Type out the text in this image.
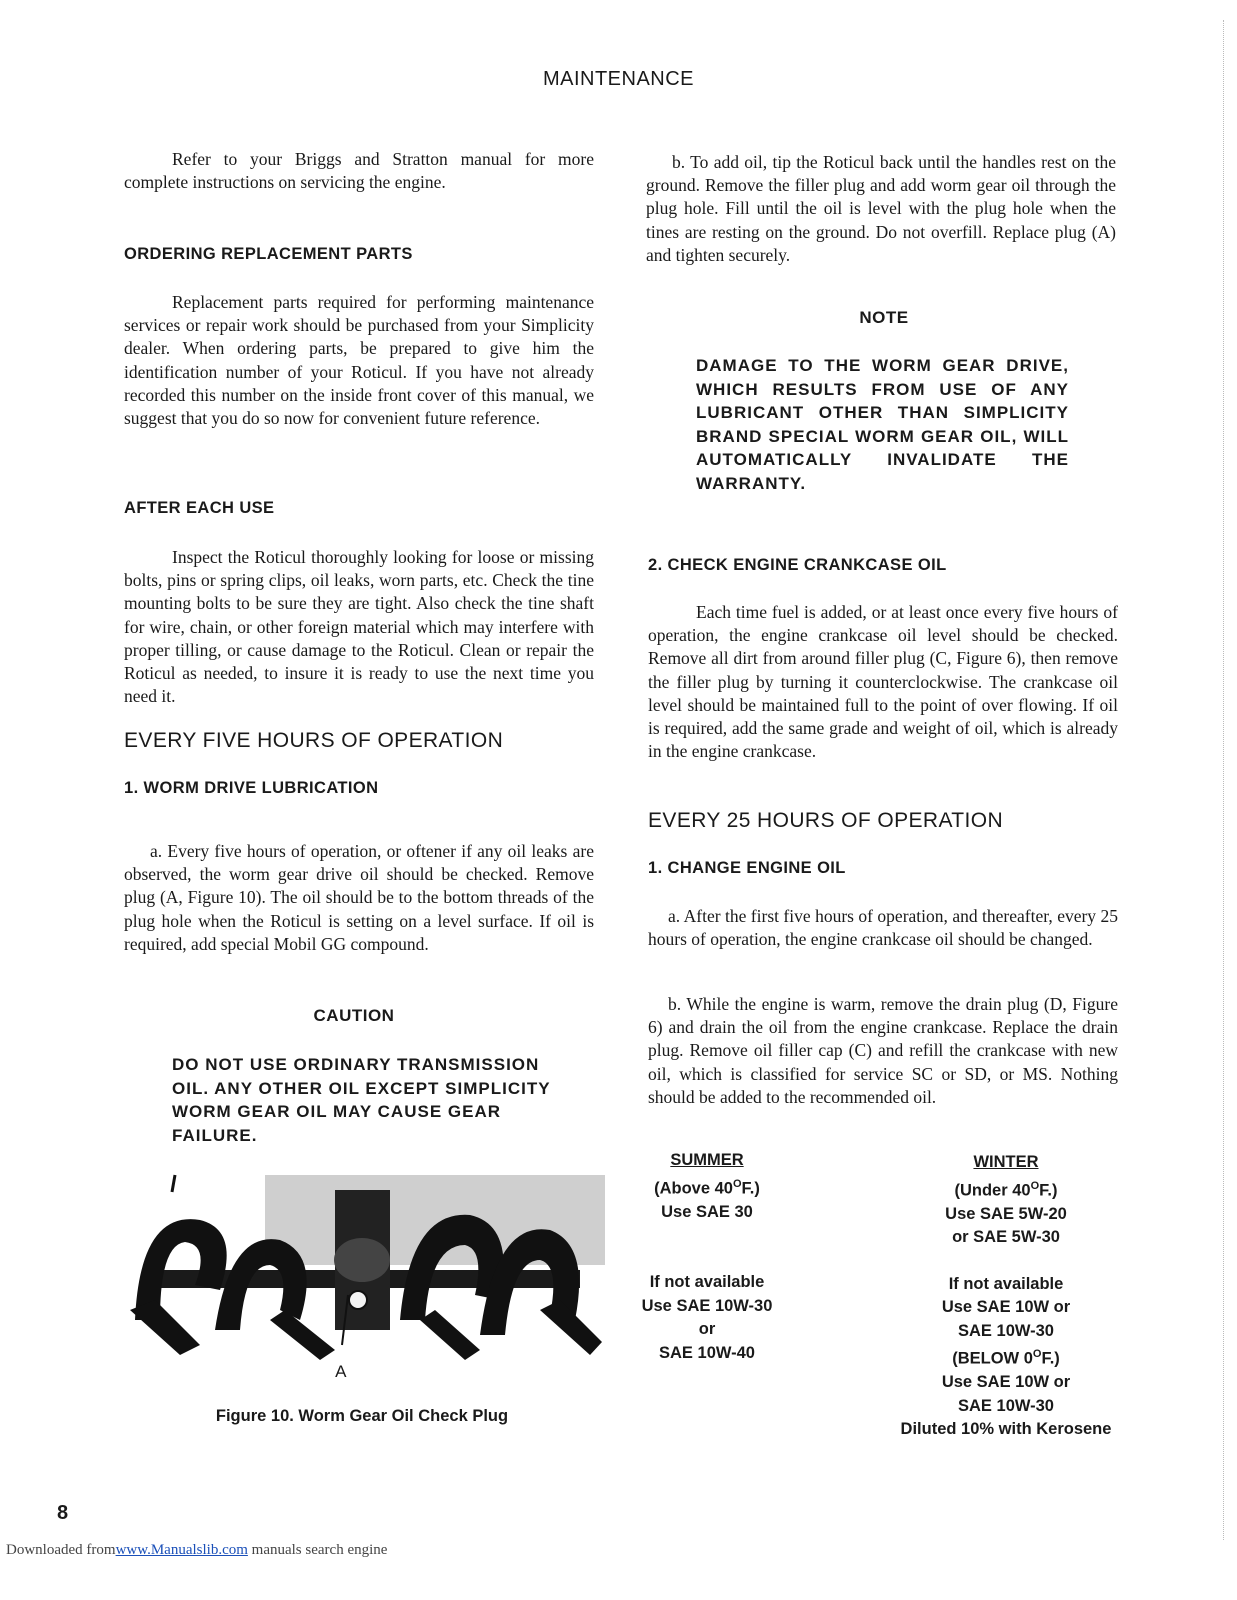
MAINTENANCE
Refer to your Briggs and Stratton manual for more complete instructions on servicing the engine.
ORDERING REPLACEMENT PARTS
Replacement parts required for performing maintenance services or repair work should be purchased from your Simplicity dealer. When ordering parts, be prepared to give him the identification number of your Roticul. If you have not already recorded this number on the inside front cover of this manual, we suggest that you do so now for convenient future reference.
AFTER EACH USE
Inspect the Roticul thoroughly looking for loose or missing bolts, pins or spring clips, oil leaks, worn parts, etc. Check the tine mounting bolts to be sure they are tight. Also check the tine shaft for wire, chain, or other foreign material which may interfere with proper tilling, or cause damage to the Roticul. Clean or repair the Roticul as needed, to insure it is ready to use the next time you need it.
EVERY FIVE HOURS OF OPERATION
1. WORM DRIVE LUBRICATION
a. Every five hours of operation, or oftener if any oil leaks are observed, the worm gear drive oil should be checked. Remove plug (A, Figure 10). The oil should be to the bottom threads of the plug hole when the Roticul is setting on a level surface. If oil is required, add special Mobil GG compound.
CAUTION
DO NOT USE ORDINARY TRANSMISSION OIL. ANY OTHER OIL EXCEPT SIMPLICITY WORM GEAR OIL MAY CAUSE GEAR FAILURE.
A
Figure 10. Worm Gear Oil Check Plug
b. To add oil, tip the Roticul back until the handles rest on the ground. Remove the filler plug and add worm gear oil through the plug hole. Fill until the oil is level with the plug hole when the tines are resting on the ground. Do not overfill. Replace plug (A) and tighten securely.
NOTE
DAMAGE TO THE WORM GEAR DRIVE, WHICH RESULTS FROM USE OF ANY LUBRICANT OTHER THAN SIMPLICITY BRAND SPECIAL WORM GEAR OIL, WILL AUTOMATICALLY INVALIDATE THE WARRANTY.
2. CHECK ENGINE CRANKCASE OIL
Each time fuel is added, or at least once every five hours of operation, the engine crankcase oil level should be checked. Remove all dirt from around filler plug (C, Figure 6), then remove the filler plug by turning it counterclockwise. The crankcase oil level should be maintained full to the point of over flowing. If oil is required, add the same grade and weight of oil, which is already in the engine crankcase.
EVERY 25 HOURS OF OPERATION
1. CHANGE ENGINE OIL
a. After the first five hours of operation, and thereafter, every 25 hours of operation, the engine crankcase oil should be changed.
b. While the engine is warm, remove the drain plug (D, Figure 6) and drain the oil from the engine crankcase. Replace the drain plug. Remove oil filler cap (C) and refill the crankcase with new oil, which is classified for service SC or SD, or MS. Nothing should be added to the recommended oil.
SUMMER
(Above $40^OF$.)
Use SAE 30
If not available
Use SAE 10W-30
or
SAE 10W-40
WINTER
(Under $40^OF$.)
Use SAE 5W-20
or SAE 5W-30
If not available
Use SAE 10W or
SAE 10W-30
(BELOW $0^OF$.)
Use SAE 10W or
SAE 10W-30
Diluted 10% with Kerosene
8
Downloaded fromwww.Manualslib.com manuals search engine
